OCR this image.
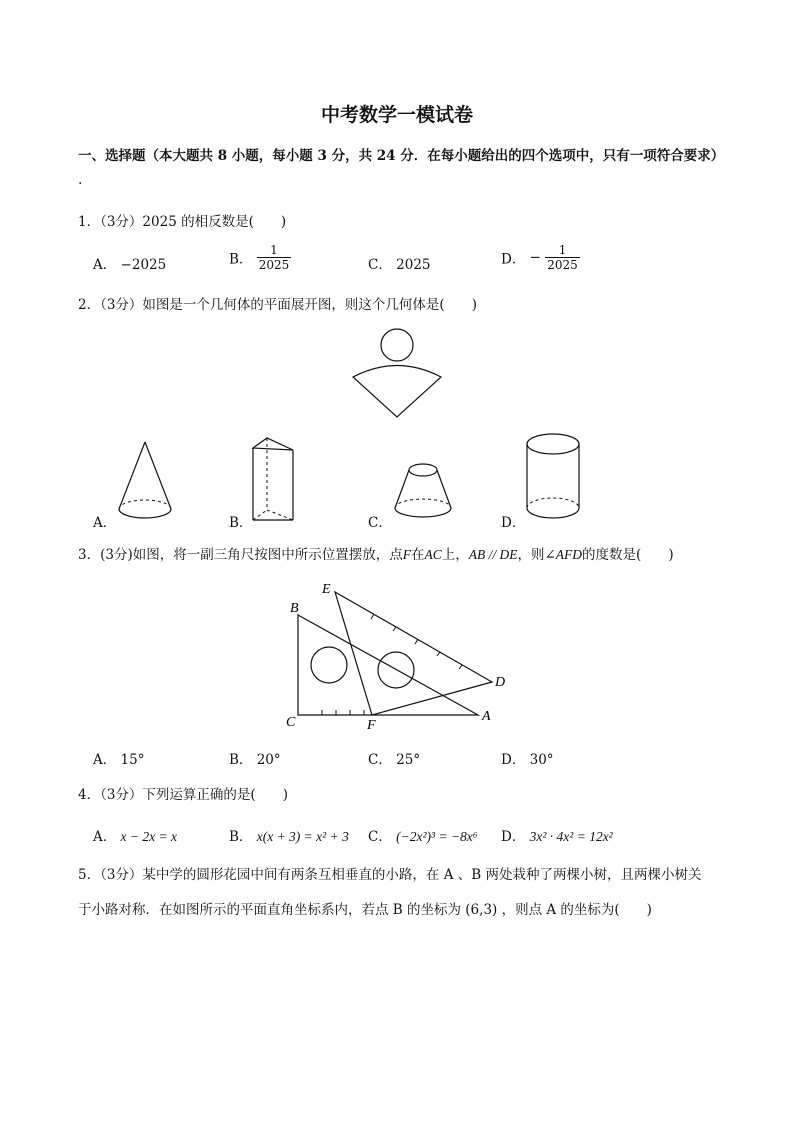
中考数学一模试卷
一、选择题（本大题共 8 小题，每小题 3 分，共 24 分．在每小题给出的四个选项中，只有一项符合要求）
.
1．（3分）2025 的相反数是(　　)
A． −2025	B． $\frac{1}{2025}$	C． 2025	D． − $\frac{1}{2025}$
2．（3分）如图是一个几何体的平面展开图，则这个几何体是(　　)
A．	B．	C．	D．
3．(3分)如图，将一副三角尺按图中所示位置摆放，点F在AC上，AB // DE，则∠AFD的度数是(　　)
B
C	A
E
D
F
A． 15°	B． 20°	C． 25°	D． 30°
4．（3分）下列运算正确的是(　　)
A． x − 2x = x	B． x(x + 3) = x² + 3 C． (−2x²)³ = −8x⁶ D． 3x² · 4x² = 12x²
5．（3分）某中学的圆形花园中间有两条互相垂直的小路，在 A 、B 两处栽种了两棵小树，且两棵小树关
于小路对称．在如图所示的平面直角坐标系内，若点 B 的坐标为 (6,3) ，则点 A 的坐标为(　　)
